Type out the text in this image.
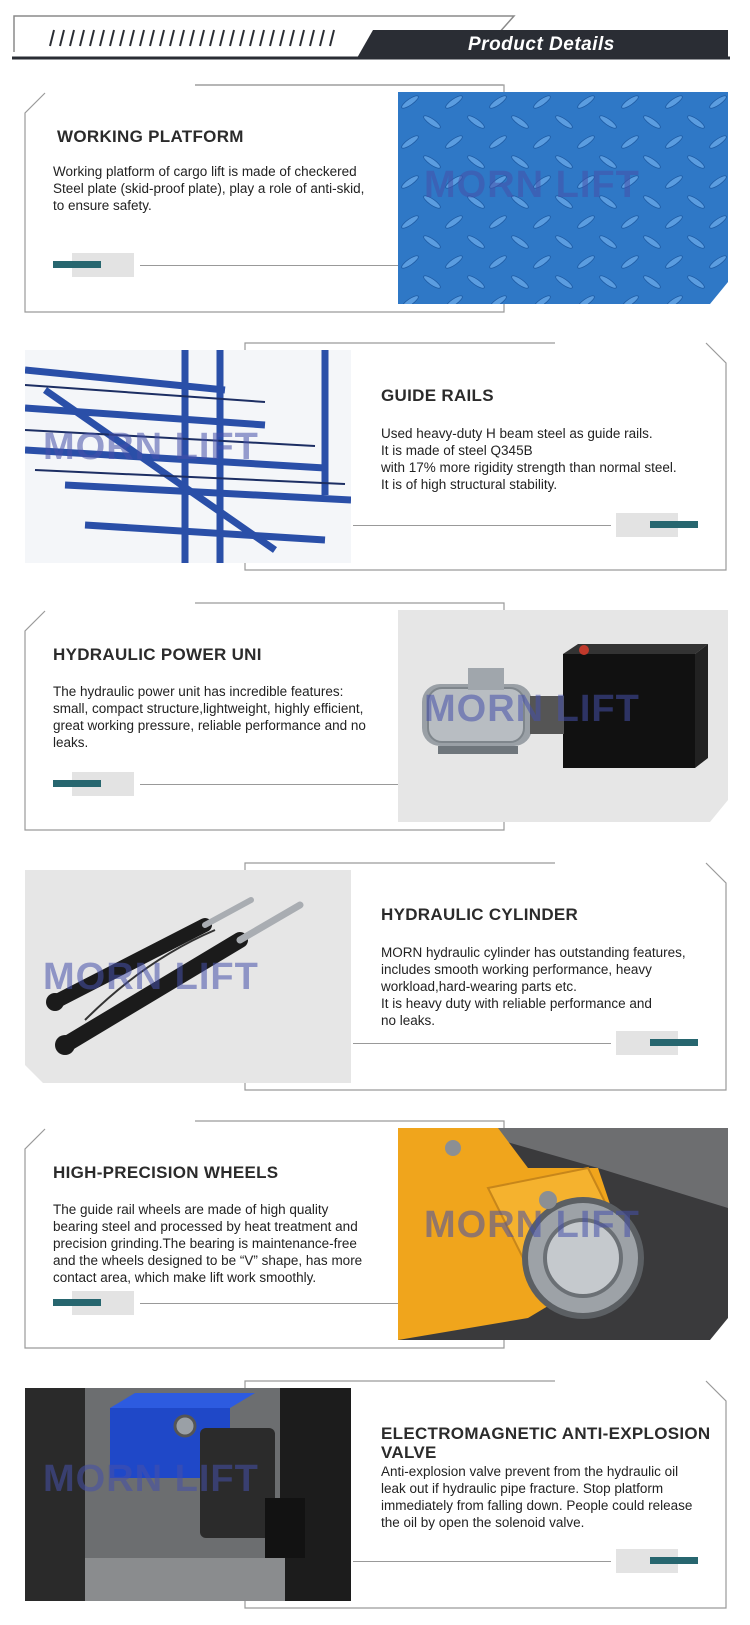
Product Details
WORKING PLATFORM
Working platform of cargo lift is made of checkered
Steel plate (skid-proof plate), play a role of anti-skid,
to ensure safety.	MORN LIFT
MORN LIFT
GUIDE RAILS
Used heavy-duty H beam steel as guide rails.
It is made of steel Q345B
with 17% more rigidity strength than normal steel.
It is of high structural stability.
HYDRAULIC POWER UNI
The hydraulic power unit has incredible features:
small, compact structure,lightweight, highly efficient,
great working pressure, reliable performance and no
leaks.
MORN LIFT
MORN LIFT
HYDRAULIC CYLINDER
MORN hydraulic cylinder has outstanding features,
includes smooth working performance, heavy
workload,hard-wearing parts etc.
It is heavy duty with reliable performance and
no leaks.
HIGH-PRECISION WHEELS
The guide rail wheels are made of high quality
bearing steel and processed by heat treatment and
precision grinding.The bearing is maintenance-free
and the wheels designed to be “V” shape, has more
contact area, which make lift work smoothly.
MORN LIFT
MORN LIFT
ELECTROMAGNETIC ANTI-EXPLOSION
VALVE
Anti-explosion valve prevent from the hydraulic oil
leak out if hydraulic pipe fracture. Stop platform
immediately from falling down. People could release
the oil by open the solenoid valve.
